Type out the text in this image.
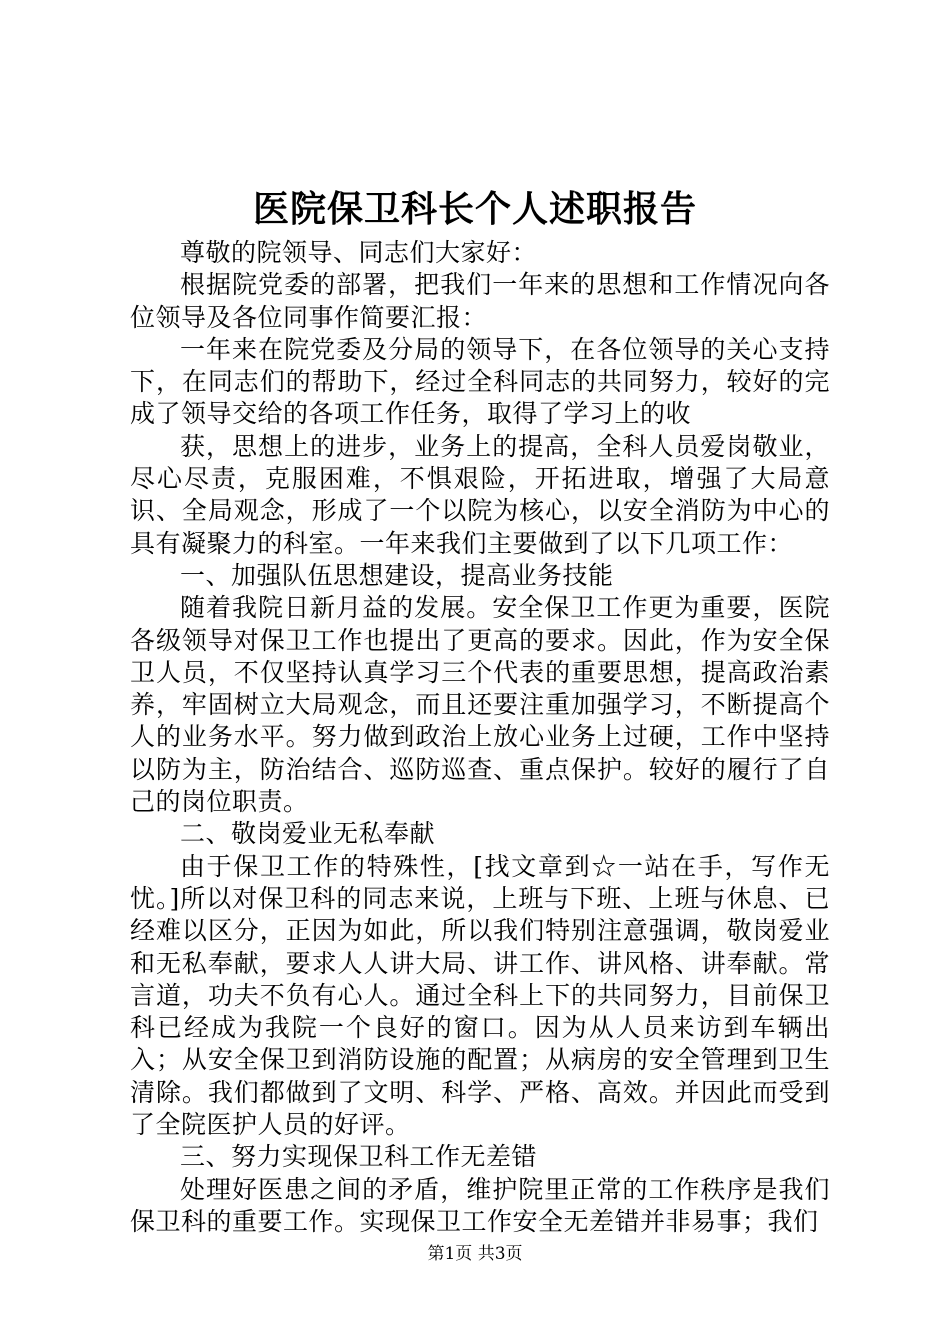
医院保卫科长个人述职报告

尊敬的院领导、同志们大家好：

根据院党委的部署，把我们一年来的思想和工作情况向各位领导及各位同事作简要汇报：

一年来在院党委及分局的领导下，在各位领导的关心支持下，在同志们的帮助下，经过全科同志的共同努力，较好的完成了领导交给的各项工作任务，取得了学习上的收

获，思想上的进步，业务上的提高，全科人员爱岗敬业，尽心尽责，克服困难，不惧艰险，开拓进取，增强了大局意识、全局观念，形成了一个以院为核心，以安全消防为中心的具有凝聚力的科室。一年来我们主要做到了以下几项工作：

一、加强队伍思想建设，提高业务技能

随着我院日新月益的发展。安全保卫工作更为重要，医院各级领导对保卫工作也提出了更高的要求。因此，作为安全保卫人员，不仅坚持认真学习三个代表的重要思想，提高政治素养，牢固树立大局观念，而且还要注重加强学习，不断提高个人的业务水平。努力做到政治上放心业务上过硬，工作中坚持以防为主，防治结合、巡防巡查、重点保护。较好的履行了自己的岗位职责。

二、敬岗爱业无私奉献

由于保卫工作的特殊性，[找文章到☆一站在手，写作无忧。]所以对保卫科的同志来说，上班与下班、上班与休息、已经难以区分，正因为如此，所以我们特别注意强调，敬岗爱业和无私奉献，要求人人讲大局、讲工作、讲风格、讲奉献。常言道，功夫不负有心人。通过全科上下的共同努力，目前保卫科已经成为我院一个良好的窗口。因为从人员来访到车辆出入；从安全保卫到消防设施的配置；从病房的安全管理到卫生清除。我们都做到了文明、科学、严格、高效。并因此而受到了全院医护人员的好评。

三、努力实现保卫科工作无差错

处理好医患之间的矛盾，维护院里正常的工作秩序是我们保卫科的重要工作。实现保卫工作安全无差错并非易事；我们

第1页 共3页
